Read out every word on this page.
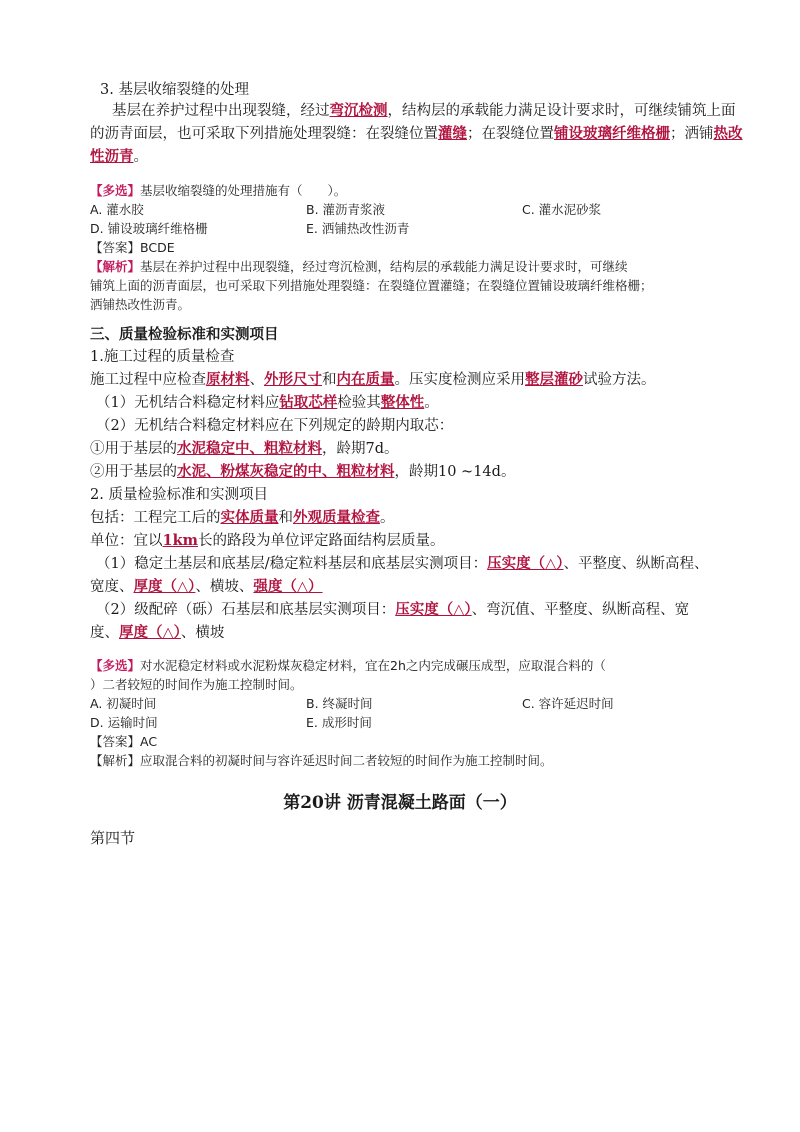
3. 基层收缩裂缝的处理
基层在养护过程中出现裂缝，经过弯沉检测，结构层的承载能力满足设计要求时，可继续铺筑上面
的沥青面层，也可采取下列措施处理裂缝：在裂缝位置灌缝；在裂缝位置铺设玻璃纤维格栅；洒铺热改
性沥青。
【多选】基层收缩裂缝的处理措施有（　　）。
A. 灌水胶	B. 灌沥青浆液	C. 灌水泥砂浆
D. 铺设玻璃纤维格栅	E. 洒铺热改性沥青
【答案】BCDE
【解析】基层在养护过程中出现裂缝，经过弯沉检测，结构层的承载能力满足设计要求时，可继续
铺筑上面的沥青面层，也可采取下列措施处理裂缝：在裂缝位置灌缝；在裂缝位置铺设玻璃纤维格栅；
洒铺热改性沥青。
三、质量检验标准和实测项目
1.施工过程的质量检查
施工过程中应检查原材料、外形尺寸和内在质量。压实度检测应采用整层灌砂试验方法。
（1）无机结合料稳定材料应钻取芯样检验其整体性。
（2）无机结合料稳定材料应在下列规定的龄期内取芯：
①用于基层的水泥稳定中、粗粒材料，龄期7d。
②用于基层的水泥、粉煤灰稳定的中、粗粒材料，龄期10 ~14d。
2. 质量检验标准和实测项目
包括：工程完工后的实体质量和外观质量检查。
单位：宜以1km长的路段为单位评定路面结构层质量。
（1）稳定土基层和底基层/稳定粒料基层和底基层实测项目：压实度（△）、平整度、纵断高程、
宽度、厚度（△）、横坡、强度（△）
（2）级配碎（砾）石基层和底基层实测项目：压实度（△）、弯沉值、平整度、纵断高程、宽
度、厚度（△）、横坡
【多选】对水泥稳定材料或水泥粉煤灰稳定材料，宜在2h之内完成碾压成型，应取混合料的（
）二者较短的时间作为施工控制时间。
A. 初凝时间	B. 终凝时间	C. 容许延迟时间
D. 运输时间	E. 成形时间
【答案】AC
【解析】应取混合料的初凝时间与容许延迟时间二者较短的时间作为施工控制时间。
第20讲 沥青混凝土路面（一）
第四节
